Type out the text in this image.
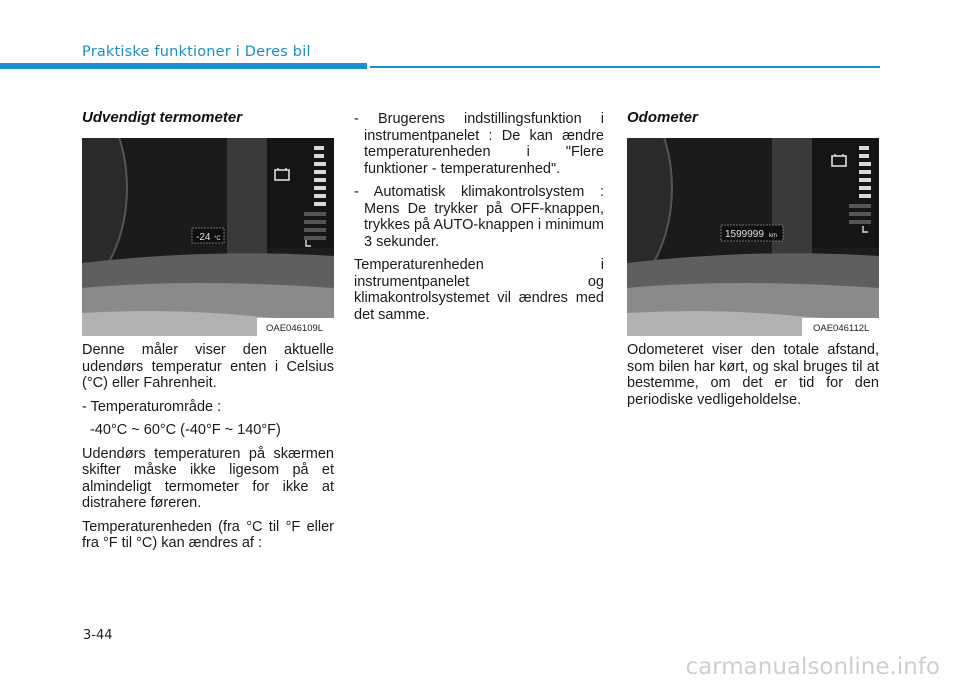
Praktiske funktioner i Deres bil
Udvendigt termometer
-24 °C
OAE046109L

Denne måler viser den aktuelle udendørs temperatur enten i Celsius (°C) eller Fahrenheit.

- Temperaturområde :

-40°C ~ 60°C (-40°F ~ 140°F)

Udendørs temperaturen på skærmen skifter måske ikke ligesom på et almindeligt termometer for ikke at distrahere føreren.

Temperaturenheden (fra °C til °F eller fra °F til °C) kan ændres af :

- Brugerens indstillingsfunktion i instrumentpanelet : De kan ændre temperaturenheden i "Flere funktioner - temperaturenhed".

- Automatisk klimakontrolsystem : Mens De trykker på OFF-knappen, trykkes på AUTO-knappen i minimum 3 sekunder.

Temperaturenheden i instrumentpanelet og klimakontrolsystemet vil ændres med det samme.

Odometer
1599999 km
OAE046112L

Odometeret viser den totale afstand, som bilen har kørt, og skal bruges til at bestemme, om det er tid for den periodiske vedligeholdelse.

3-44
carmanualsonline.info
